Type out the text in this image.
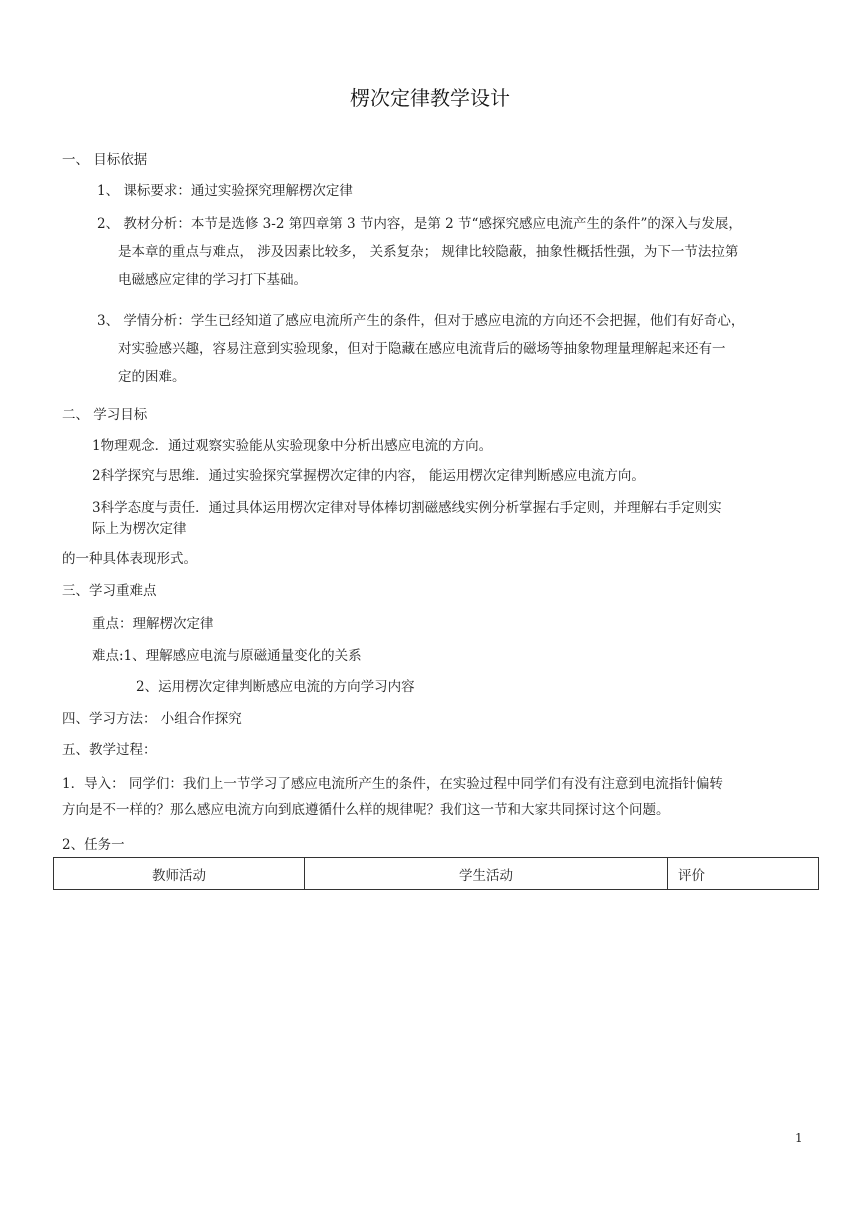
楞次定律教学设计
一、 目标依据
1、 课标要求：通过实验探究理解楞次定律
2、 教材分析：本节是选修 3-2 第四章第 3 节内容，是第 2 节“感探究感应电流产生的条件”的深入与发展，
是本章的重点与难点， 涉及因素比较多， 关系复杂； 规律比较隐蔽，抽象性概括性强，为下一节法拉第
电磁感应定律的学习打下基础。
3、 学情分析：学生已经知道了感应电流所产生的条件，但对于感应电流的方向还不会把握，他们有好奇心，
对实验感兴趣，容易注意到实验现象，但对于隐藏在感应电流背后的磁场等抽象物理量理解起来还有一
定的困难。
二、 学习目标
1物理观念．通过观察实验能从实验现象中分析出感应电流的方向。
2科学探究与思维．通过实验探究掌握楞次定律的内容， 能运用楞次定律判断感应电流方向。
3科学态度与责任．通过具体运用楞次定律对导体棒切割磁感线实例分析掌握右手定则，并理解右手定则实
际上为楞次定律
的一种具体表现形式。
三、学习重难点
重点：理解楞次定律
难点:1、理解感应电流与原磁通量变化的关系
2、运用楞次定律判断感应电流的方向学习内容
四、学习方法： 小组合作探究
五、教学过程：
1．导入： 同学们：我们上一节学习了感应电流所产生的条件，在实验过程中同学们有没有注意到电流指针偏转
方向是不一样的？那么感应电流方向到底遵循什么样的规律呢？我们这一节和大家共同探讨这个问题。
2、任务一
教师活动	学生活动	评价
1
